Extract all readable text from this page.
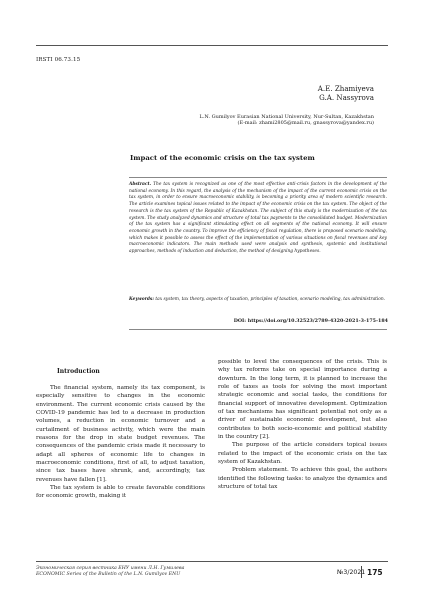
IRSTI 06.73.15
A.E. Zhamiyeva
G.A. Nassyrova
L.N. Gumilyov Eurasian National University, Nur-Sultan, Kazakhstan
(E-mail: zhami2805@mail.ru, gnassyrova@yandex.ru)
Impact of the economic crisis on the tax system
Abstract. The tax system is recognized as one of the most effective anti-crisis factors in the development of the national economy. In this regard, the analysis of the mechanism of the impact of the current economic crisis on the tax system, in order to ensure macroeconomic stability, is becoming a priority area of modern scientific research. The article examines topical issues related to the impact of the economic crisis on the tax system. The object of the research is the tax system of the Republic of Kazakhstan. The subject of this study is the modernization of the tax system. The study analyzed dynamics and structure of total tax payments to the consolidated budget. Modernization of the tax system has a significant stimulating effect on all segments of the national economy. It will ensure economic growth in the country. To improve the efficiency of fiscal regulation, there is proposed scenario modeling, which makes it possible to assess the effect of the implementation of various situations on fiscal revenues and key macroeconomic indicators. The main methods used were analysis and synthesis, systemic and institutional approaches, methods of induction and deduction, the method of designing hypotheses.
Keywords: tax system, tax theory, aspects of taxation, principles of taxation, scenario modeling, tax administration.
DOI: https://doi.org/10.32523/2789-4320-2021-3-175-184
Introduction

The financial system, namely its tax component, is especially sensitive to changes in the economic environment. The current economic crisis caused by the COVID-19 pandemic has led to a decrease in production volumes, a reduction in economic turnover and a curtailment of business activity, which were the main reasons for the drop in state budget revenues. The consequences of the pandemic crisis made it necessary to adapt all spheres of economic life to changes in macroeconomic conditions, first of all, to adjust taxation, since tax bases have shrunk, and, accordingly, tax revenues have fallen [1].

The tax system is able to create favorable conditions for economic growth, making it

possible to level the consequences of the crisis. This is why tax reforms take on special importance during a downturn. In the long term, it is planned to increase the role of taxes as tools for solving the most important strategic economic and social tasks, the conditions for financial support of innovative development. Optimization of tax mechanisms has significant potential not only as a driver of sustainable economic development, but also contributes to both socio-economic and political stability in the country [2].

The purpose of the article considers topical issues related to the impact of the economic crisis on the tax system of Kazakhstan.

Problem statement. To achieve this goal, the authors identified the following tasks: to analyze the dynamics and structure of total tax

Экономическая серия вестника ЕНУ имени Л.Н. Гумилева
ECONOMIC Series of the Bulletin of the L.N. Gumilyov ENU	№3/2021 175
